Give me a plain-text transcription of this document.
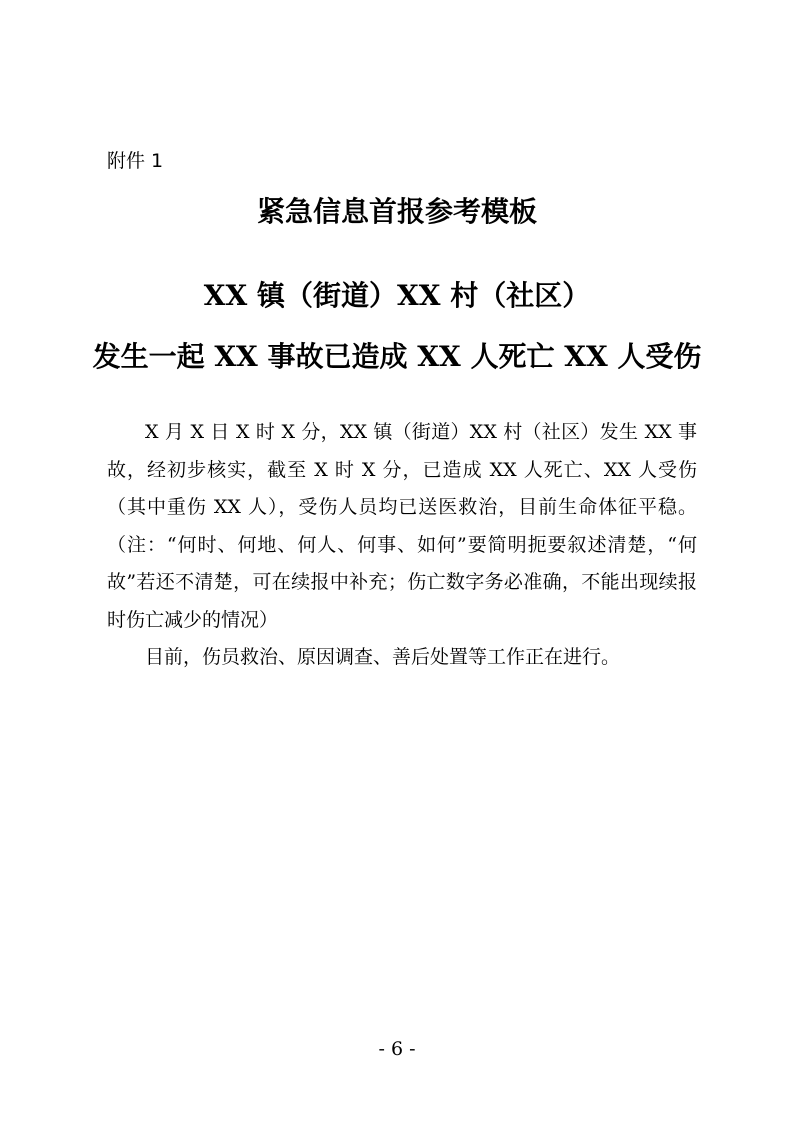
附件 1
紧急信息首报参考模板
XX 镇（街道）XX 村（社区）
发生一起 XX 事故已造成 XX 人死亡 XX 人受伤

X 月 X 日 X 时 X 分，XX 镇（街道）XX 村（社区）发生 XX 事故，经初步核实，截至 X 时 X 分，已造成 XX 人死亡、XX 人受伤（其中重伤 XX 人），受伤人员均已送医救治，目前生命体征平稳。（注：“何时、何地、何人、何事、如何”要简明扼要叙述清楚，“何故”若还不清楚，可在续报中补充；伤亡数字务必准确，不能出现续报时伤亡减少的情况）

目前，伤员救治、原因调查、善后处置等工作正在进行。

- 6 -
